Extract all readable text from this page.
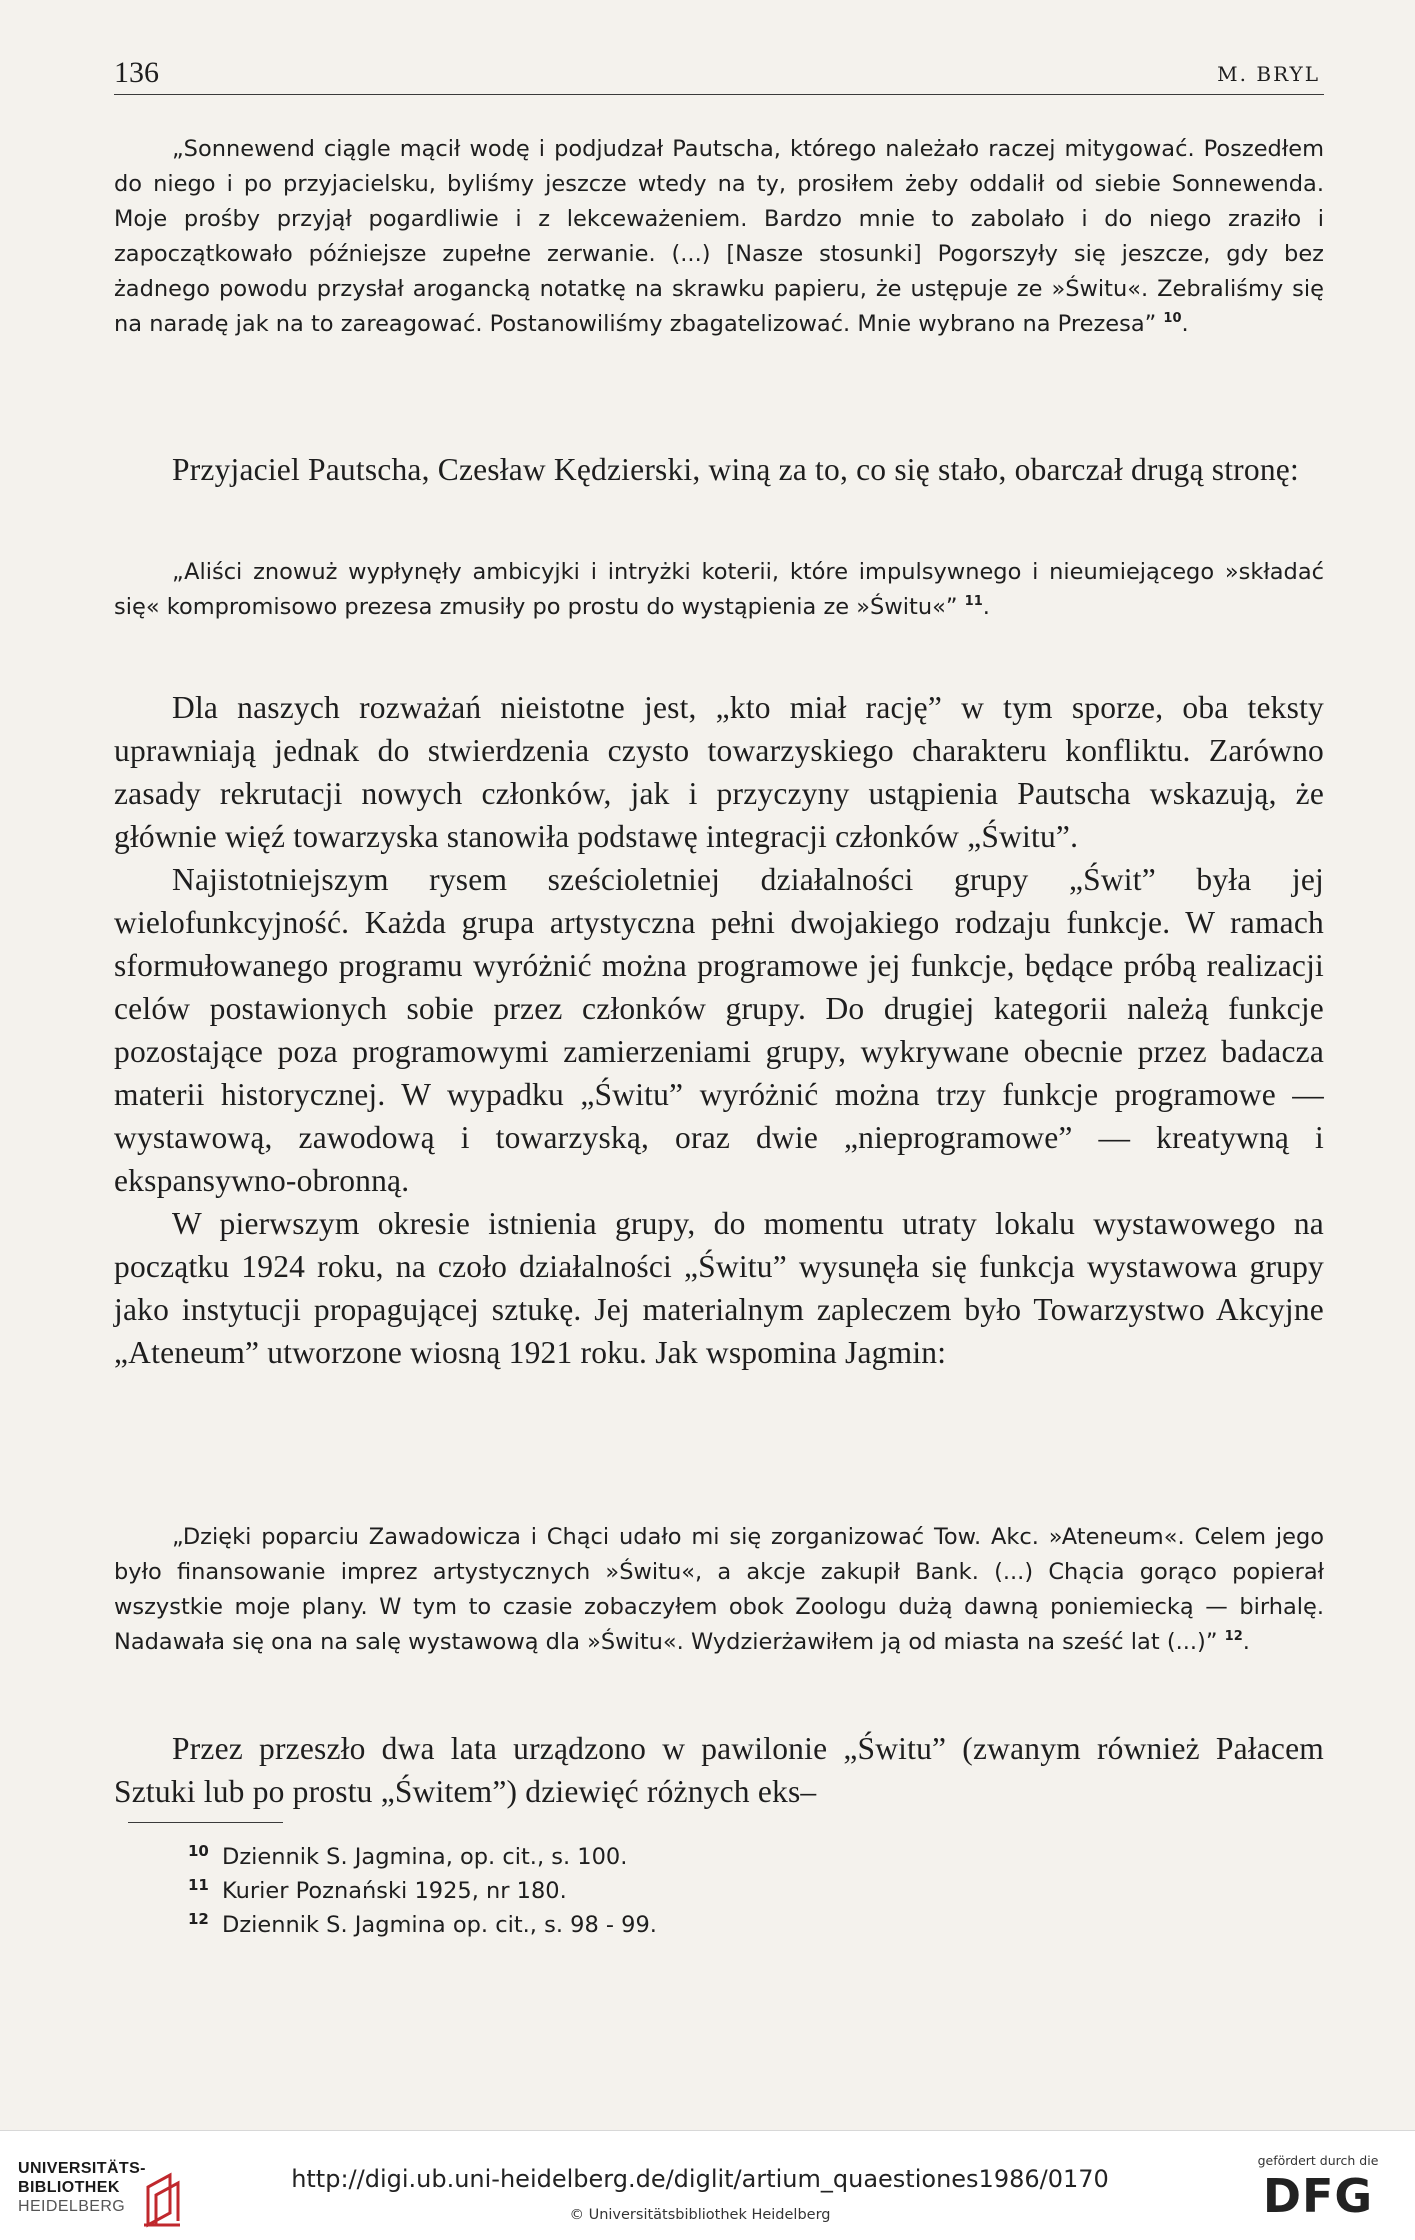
136	M. BRYL

„Sonnewend ciągle mącił wodę i podjudzał Pautscha, którego należało raczej mitygować. Poszedłem do niego i po przyjacielsku, byliśmy jeszcze wtedy na ty, prosiłem żeby oddalił od siebie Sonnewenda. Moje prośby przyjął pogardliwie i z lekceważeniem. Bardzo mnie to zabolało i do niego zraziło i zapoczątkowało późniejsze zupełne zerwanie. (...) [Nasze stosunki] Pogorszyły się jeszcze, gdy bez żadnego powodu przysłał arogancką notatkę na skrawku papieru, że ustępuje ze »Świtu«. Zebraliśmy się na naradę jak na to zareagować. Postanowiliśmy zbagatelizować. Mnie wybrano na Prezesa” $^{10}$.

Przyjaciel Pautscha, Czesław Kędzierski, winą za to, co się stało, obarczał drugą stronę:

„Aliści znowuż wypłynęły ambicyjki i intryżki koterii, które impulsywnego i nieumiejącego »składać się« kompromisowo prezesa zmusiły po prostu do wystąpienia ze »Świtu«” $^{11}$.

Dla naszych rozważań nieistotne jest, „kto miał rację” w tym sporze, oba teksty uprawniają jednak do stwierdzenia czysto towarzyskiego charakteru konfliktu. Zarówno zasady rekrutacji nowych członków, jak i przyczyny ustąpienia Pautscha wskazują, że głównie więź towarzyska stanowiła podstawę integracji członków „Świtu”.

Najistotniejszym rysem sześcioletniej działalności grupy „Świt” była jej wielofunkcyjność. Każda grupa artystyczna pełni dwojakiego rodzaju funkcje. W ramach sformułowanego programu wyróżnić można programowe jej funkcje, będące próbą realizacji celów postawionych sobie przez członków grupy. Do drugiej kategorii należą funkcje pozostające poza programowymi zamierzeniami grupy, wykrywane obecnie przez badacza materii historycznej. W wypadku „Świtu” wyróżnić można trzy funkcje programowe — wystawową, zawodową i towarzyską, oraz dwie „nieprogramowe” — kreatywną i ekspansywno-obronną.

W pierwszym okresie istnienia grupy, do momentu utraty lokalu wystawowego na początku 1924 roku, na czoło działalności „Świtu” wysunęła się funkcja wystawowa grupy jako instytucji propagującej sztukę. Jej materialnym zapleczem było Towarzystwo Akcyjne „Ateneum” utworzone wiosną 1921 roku. Jak wspomina Jagmin:

„Dzięki poparciu Zawadowicza i Chąci udało mi się zorganizować Tow. Akc. »Ateneum«. Celem jego było finansowanie imprez artystycznych »Świtu«, a akcje zakupił Bank. (...) Chącia gorąco popierał wszystkie moje plany. W tym to czasie zobaczyłem obok Zoologu dużą dawną poniemiecką — birhalę. Nadawała się ona na salę wystawową dla »Świtu«. Wydzierżawiłem ją od miasta na sześć lat (...)” $^{12}$.

Przez przeszło dwa lata urządzono w pawilonie „Świtu” (zwanym również Pałacem Sztuki lub po prostu „Świtem”) dziewięć różnych eks–

10 Dziennik S. Jagmina, op. cit., s. 100.
11 Kurier Poznański 1925, nr 180.
12 Dziennik S. Jagmina op. cit., s. 98 - 99.
UNIVERSITÄTS-
BIBLIOTHEK
HEIDELBERG
http://digi.ub.uni-heidelberg.de/diglit/artium_quaestiones1986/0170
© Universitätsbibliothek Heidelberg
gefördert durch die
DFG
